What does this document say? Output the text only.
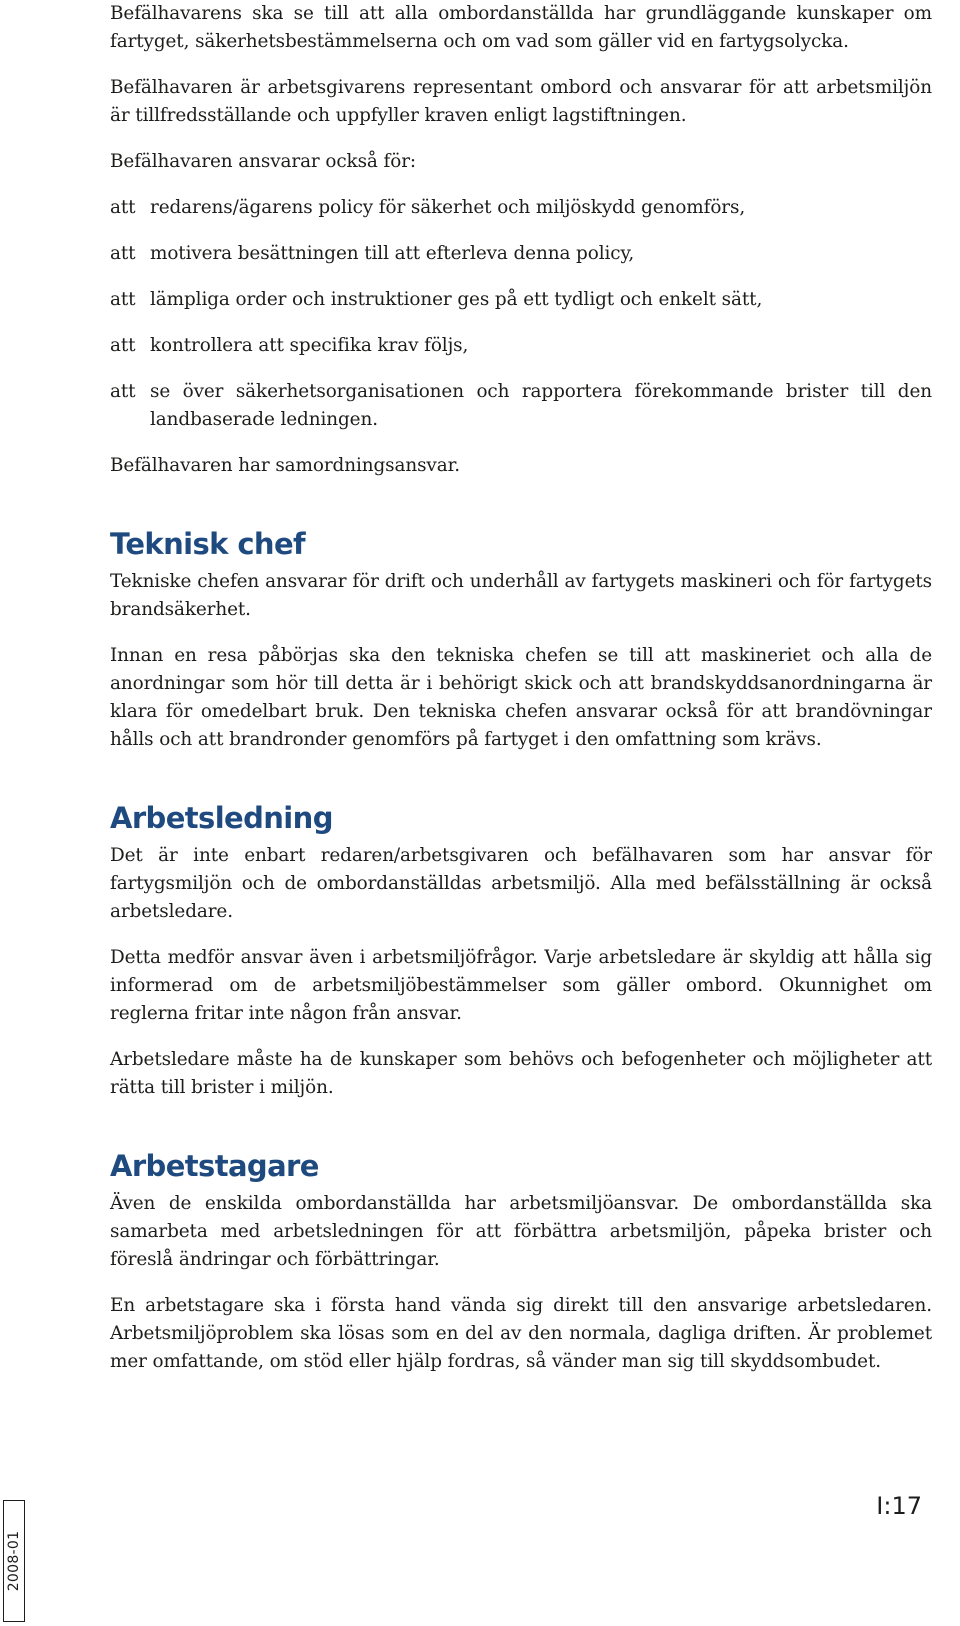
Befälhavarens ska se till att alla ombordanställda har grundläggande kunskaper om fartyget, säkerhetsbestämmelserna och om vad som gäller vid en fartygsolycka.

Befälhavaren är arbetsgivarens representant ombord och ansvarar för att arbetsmiljön är tillfredsställande och uppfyller kraven enligt lagstiftningen.

Befälhavaren ansvarar också för:

att redarens/ägarens policy för säkerhet och miljöskydd genomförs,
att motivera besättningen till att efterleva denna policy,
att lämpliga order och instruktioner ges på ett tydligt och enkelt sätt,
att kontrollera att specifika krav följs,
att se över säkerhetsorganisationen och rapportera förekommande brister till den landbaserade ledningen.

Befälhavaren har samordningsansvar.

Teknisk chef

Tekniske chefen ansvarar för drift och underhåll av fartygets maskineri och för fartygets brandsäkerhet.

Innan en resa påbörjas ska den tekniska chefen se till att maskineriet och alla de anordningar som hör till detta är i behörigt skick och att brandskyddsanordningarna är klara för omedelbart bruk. Den tekniska chefen ansvarar också för att brandövningar hålls och att brandronder genomförs på fartyget i den omfattning som krävs.

Arbetsledning

Det är inte enbart redaren/arbetsgivaren och befälhavaren som har ansvar för fartygsmiljön och de ombordanställdas arbetsmiljö. Alla med befälsställning är också arbetsledare.

Detta medför ansvar även i arbetsmiljöfrågor. Varje arbetsledare är skyldig att hålla sig informerad om de arbetsmiljöbestämmelser som gäller ombord. Okunnighet om reglerna fritar inte någon från ansvar.

Arbetsledare måste ha de kunskaper som behövs och befogenheter och möjligheter att rätta till brister i miljön.

Arbetstagare

Även de enskilda ombordanställda har arbetsmiljöansvar. De ombordanställda ska samarbeta med arbetsledningen för att förbättra arbetsmiljön, påpeka brister och föreslå ändringar och förbättringar.

En arbetstagare ska i första hand vända sig direkt till den ansvarige arbetsledaren. Arbetsmiljöproblem ska lösas som en del av den normala, dagliga driften. Är problemet mer omfattande, om stöd eller hjälp fordras, så vänder man sig till skyddsombudet.

2008-01
I:17
